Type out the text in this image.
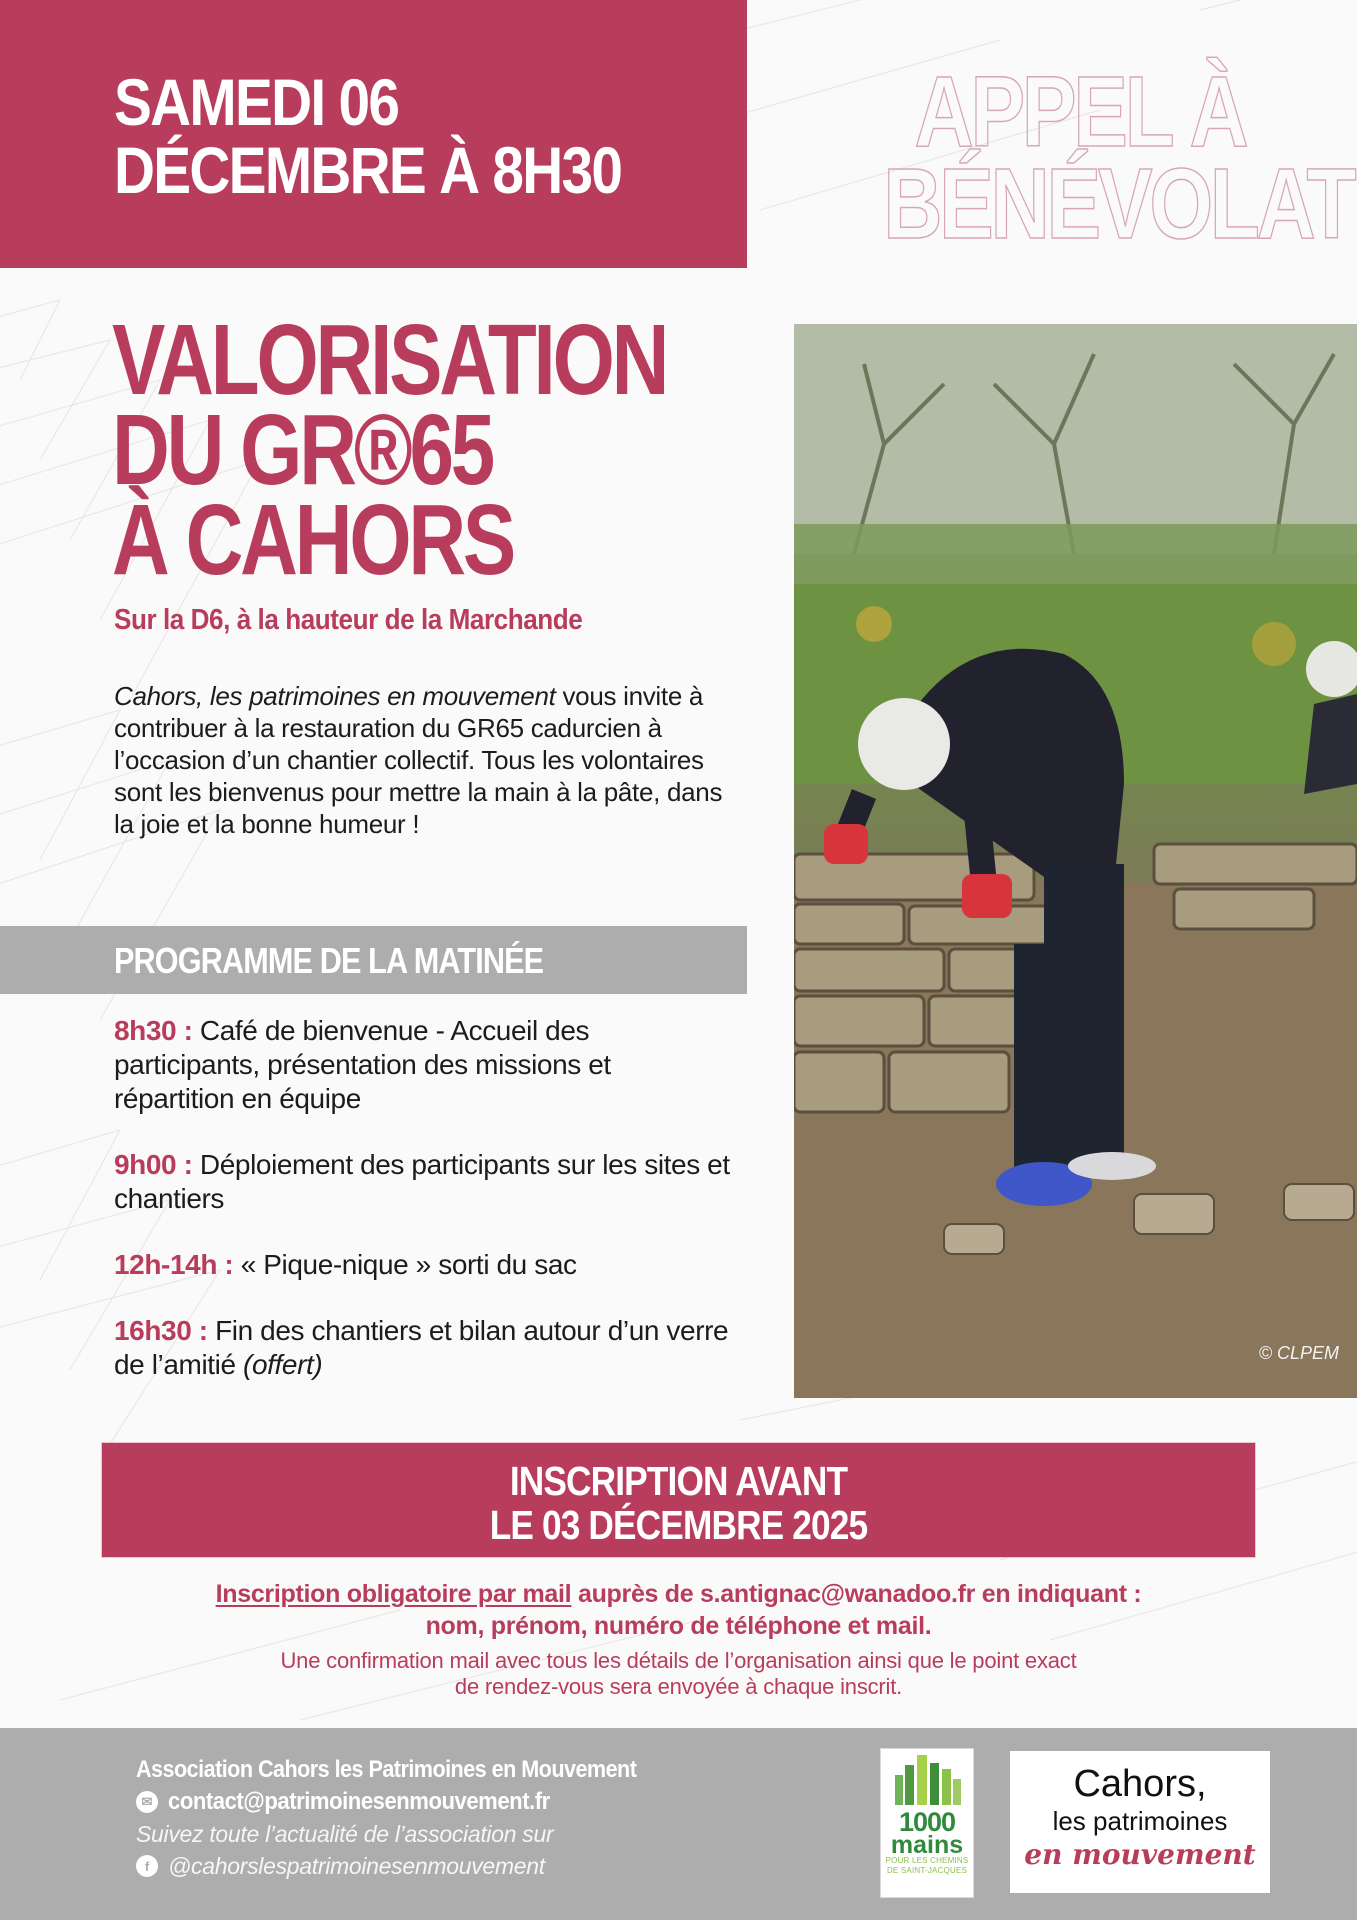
SAMEDI 06
DÉCEMBRE À 8H30
APPEL À
BÉNÉVOLAT
VALORISATION
DU GR®65
À CAHORS
Sur la D6, à la hauteur de la Marchande

Cahors, les patrimoines en mouvement vous invite à contribuer à la restauration du GR65 cadurcien à l’occasion d’un chantier collectif. Tous les volontaires sont les bienvenus pour mettre la main à la pâte, dans la joie et la bonne humeur !

PROGRAMME DE LA MATINÉE

8h30 : Café de bienvenue - Accueil des participants, présentation des missions et répartition en équipe

9h00 : Déploiement des participants sur les sites et chantiers

12h-14h : « Pique-nique » sorti du sac

16h30 : Fin des chantiers et bilan autour d’un verre de l’amitié (offert)	© CLPEM
INSCRIPTION AVANT
LE 03 DÉCEMBRE 2025

Inscription obligatoire par mail auprès de s.antignac@wanadoo.fr en indiquant :

nom, prénom, numéro de téléphone et mail.

Une confirmation mail avec tous les détails de l’organisation ainsi que le point exact

de rendez-vous sera envoyée à chaque inscrit.

Association Cahors les Patrimoines en Mouvement
✉ contact@patrimoinesenmouvement.fr
Suivez toute l’actualité de l’association sur
f @cahorslespatrimoinesenmouvement
1000
mains
POUR LES CHEMINS
DE SAINT-JACQUES
Cahors,
les patrimoines
en mouvement
